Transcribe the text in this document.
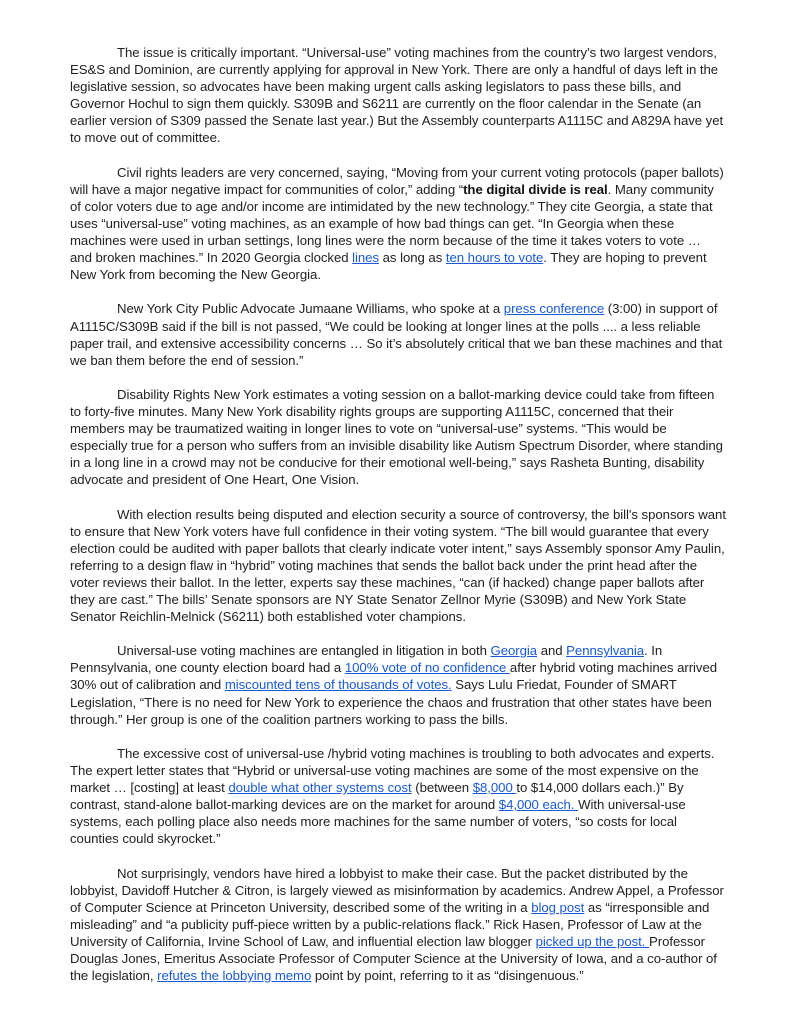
The issue is critically important. “Universal-use” voting machines from the country’s two largest vendors, ES&S and Dominion, are currently applying for approval in New York. There are only a handful of days left in the legislative session, so advocates have been making urgent calls asking legislators to pass these bills, and Governor Hochul to sign them quickly. S309B and S6211 are currently on the floor calendar in the Senate (an earlier version of S309 passed the Senate last year.) But the Assembly counterparts A1115C and A829A have yet to move out of committee.

Civil rights leaders are very concerned, saying, “Moving from your current voting protocols (paper ballots) will have a major negative impact for communities of color,” adding “the digital divide is real. Many community of color voters due to age and/or income are intimidated by the new technology.” They cite Georgia, a state that uses “universal-use” voting machines, as an example of how bad things can get. “In Georgia when these machines were used in urban settings, long lines were the norm because of the time it takes voters to vote … and broken machines.” In 2020 Georgia clocked lines as long as ten hours to vote. They are hoping to prevent New York from becoming the New Georgia.

New York City Public Advocate Jumaane Williams, who spoke at a press conference (3:00) in support of A1115C/S309B said if the bill is not passed, “We could be looking at longer lines at the polls .... a less reliable paper trail, and extensive accessibility concerns … So it’s absolutely critical that we ban these machines and that we ban them before the end of session.”

Disability Rights New York estimates a voting session on a ballot-marking device could take from fifteen to forty-five minutes. Many New York disability rights groups are supporting A1115C, concerned that their members may be traumatized waiting in longer lines to vote on “universal-use” systems. “This would be especially true for a person who suffers from an invisible disability like Autism Spectrum Disorder, where standing in a long line in a crowd may not be conducive for their emotional well-being,” says Rasheta Bunting, disability advocate and president of One Heart, One Vision.

With election results being disputed and election security a source of controversy, the bill's sponsors want to ensure that New York voters have full confidence in their voting system. “The bill would guarantee that every election could be audited with paper ballots that clearly indicate voter intent,” says Assembly sponsor Amy Paulin, referring to a design flaw in “hybrid” voting machines that sends the ballot back under the print head after the voter reviews their ballot. In the letter, experts say these machines, “can (if hacked) change paper ballots after they are cast.” The bills’ Senate sponsors are NY State Senator Zellnor Myrie (S309B) and New York State Senator Reichlin-Melnick (S6211) both established voter champions.

Universal-use voting machines are entangled in litigation in both Georgia and Pennsylvania. In Pennsylvania, one county election board had a 100% vote of no confidence after hybrid voting machines arrived 30% out of calibration and miscounted tens of thousands of votes. Says Lulu Friedat, Founder of SMART Legislation, “There is no need for New York to experience the chaos and frustration that other states have been through.” Her group is one of the coalition partners working to pass the bills.

The excessive cost of universal-use /hybrid voting machines is troubling to both advocates and experts. The expert letter states that “Hybrid or universal-use voting machines are some of the most expensive on the market … [costing] at least double what other systems cost (between $8,000 to $14,000 dollars each.)” By contrast, stand-alone ballot-marking devices are on the market for around $4,000 each. With universal-use systems, each polling place also needs more machines for the same number of voters, “so costs for local counties could skyrocket.”

Not surprisingly, vendors have hired a lobbyist to make their case. But the packet distributed by the lobbyist, Davidoff Hutcher & Citron, is largely viewed as misinformation by academics. Andrew Appel, a Professor of Computer Science at Princeton University, described some of the writing in a blog post as “irresponsible and misleading” and “a publicity puff-piece written by a public-relations flack.” Rick Hasen, Professor of Law at the University of California, Irvine School of Law, and influential election law blogger picked up the post. Professor Douglas Jones, Emeritus Associate Professor of Computer Science at the University of Iowa, and a co-author of the legislation, refutes the lobbying memo point by point, referring to it as “disingenuous.”
